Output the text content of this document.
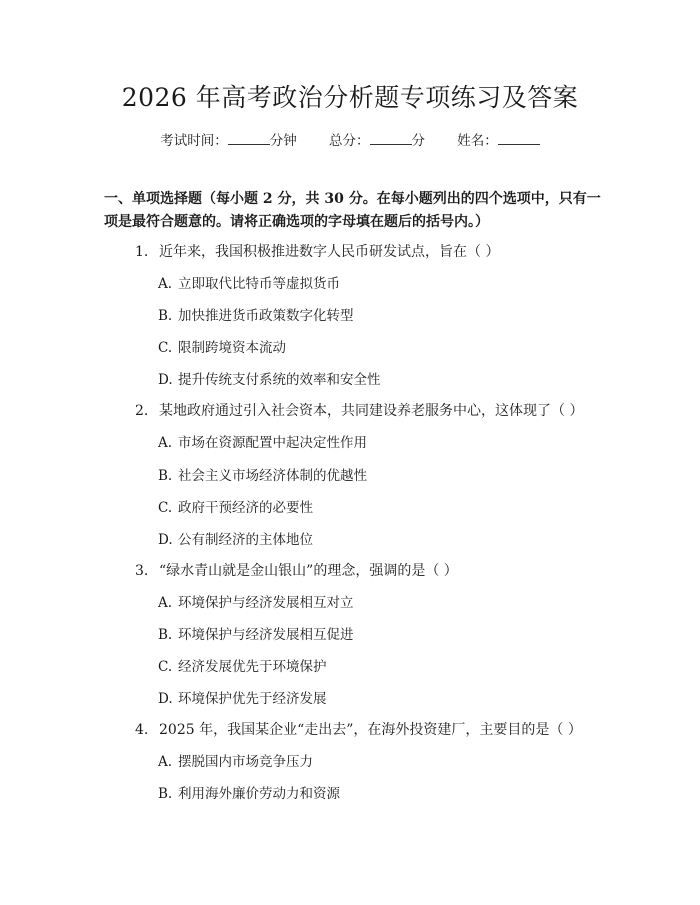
2026 年高考政治分析题专项练习及答案
考试时间：	分钟 总分：	分 姓名：
一、单项选择题（每小题 2 分，共 30 分。在每小题列出的四个选项中，只有一项是最符合题意的。请将正确选项的字母填在题后的括号内。）
1. 近年来，我国积极推进数字人民币研发试点，旨在（ ）
A. 立即取代比特币等虚拟货币
B. 加快推进货币政策数字化转型
C. 限制跨境资本流动
D. 提升传统支付系统的效率和安全性
2. 某地政府通过引入社会资本，共同建设养老服务中心，这体现了（ ）
A. 市场在资源配置中起决定性作用
B. 社会主义市场经济体制的优越性
C. 政府干预经济的必要性
D. 公有制经济的主体地位
3. “绿水青山就是金山银山”的理念，强调的是（ ）
A. 环境保护与经济发展相互对立
B. 环境保护与经济发展相互促进
C. 经济发展优先于环境保护
D. 环境保护优先于经济发展
4. 2025 年，我国某企业“走出去”，在海外投资建厂，主要目的是（ ）
A. 摆脱国内市场竞争压力
B. 利用海外廉价劳动力和资源
